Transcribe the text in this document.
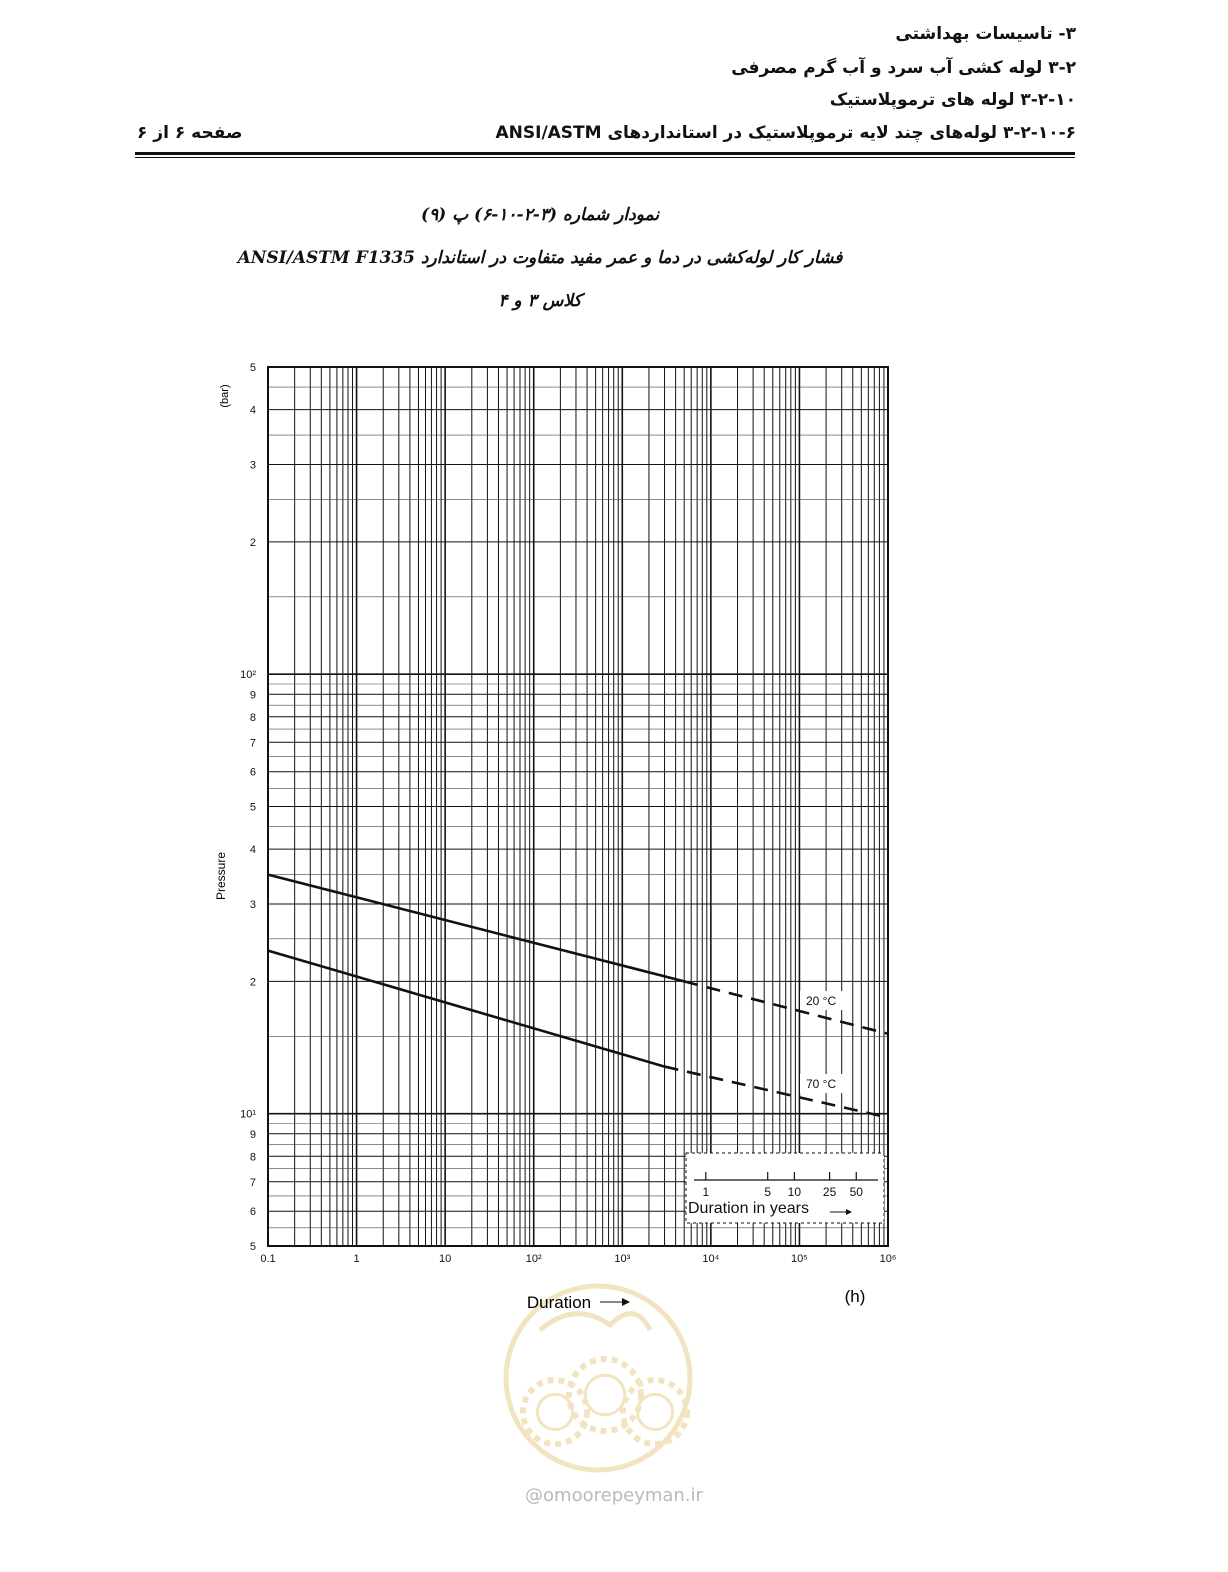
۳- تاسیسات بهداشتی
۳-۲ لوله کشی آب سرد و آب گرم مصرفی
۳-۲-۱۰ لوله های ترموپلاستیک
۳-۲-۱۰-۶ لوله‌های چند لایه ترموپلاستیک در استانداردهای ANSI/ASTM
صفحه ۶ از ۶
نمودار شماره (۳-۲-۱۰-۶) پ (۹)
فشار کار لوله‌کشی در دما و عمر مفید متفاوت در استاندارد ANSI/ASTM F1335
کلاس ۳ و ۴
20 °C
70 °C
1	5 10 25 50
Duration in years
0.1	1	10	10²	10³	10⁴	10⁵	10⁶
5
6
7
8
9
10¹
2
3
4
5
6
7
8
9
10²
2
3
4
5
Pressure
(bar)
Duration	(h)
@omoorepeyman.ir
